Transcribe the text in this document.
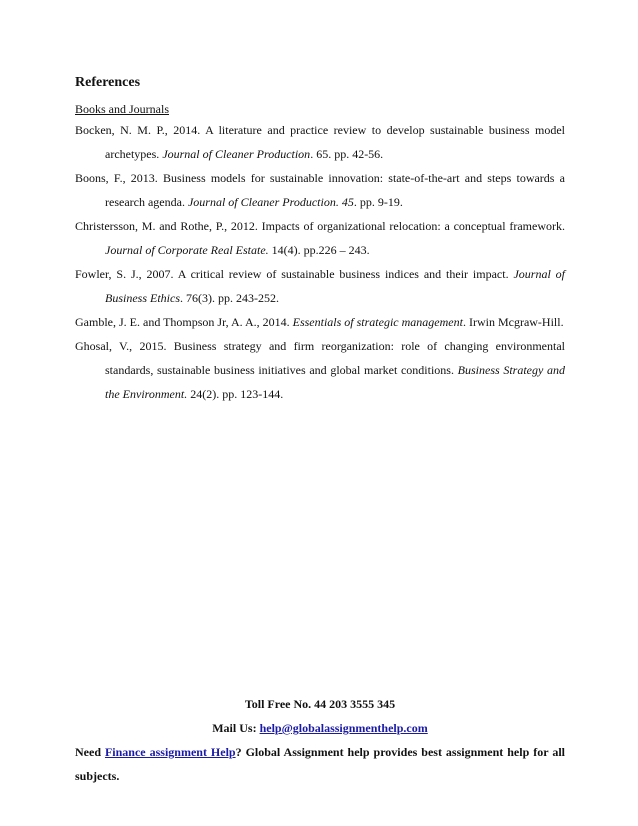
References
Books and Journals

Bocken, N. M. P., 2014. A literature and practice review to develop sustainable business model archetypes. Journal of Cleaner Production. 65. pp. 42-56.

Boons, F., 2013. Business models for sustainable innovation: state-of-the-art and steps towards a research agenda. Journal of Cleaner Production. 45. pp. 9-19.

Christersson, M. and Rothe, P., 2012. Impacts of organizational relocation: a conceptual framework. Journal of Corporate Real Estate. 14(4). pp.226 – 243.

Fowler, S. J., 2007. A critical review of sustainable business indices and their impact. Journal of Business Ethics. 76(3). pp. 243-252.

Gamble, J. E. and Thompson Jr, A. A., 2014. Essentials of strategic management. Irwin Mcgraw-Hill.

Ghosal, V., 2015. Business strategy and firm reorganization: role of changing environmental standards, sustainable business initiatives and global market conditions. Business Strategy and the Environment. 24(2). pp. 123-144.

Toll Free No. 44 203 3555 345
Mail Us: help@globalassignmenthelp.com
Need Finance assignment Help? Global Assignment help provides best assignment help for all subjects.
